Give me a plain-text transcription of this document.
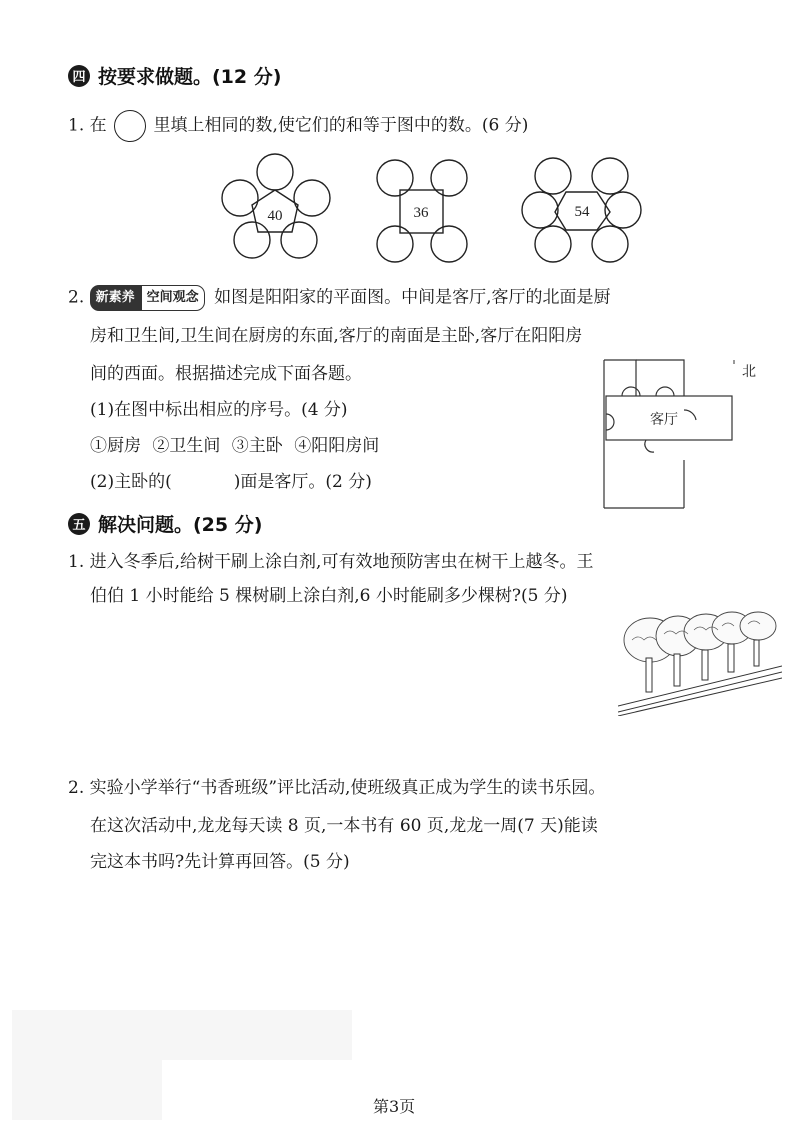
四 按要求做题。(12 分)
1. 在	里填上相同的数,使它们的和等于图中的数。(6 分)
40	36	54
2. 新素养 空间观念 如图是阳阳家的平面图。中间是客厅,客厅的北面是厨
房和卫生间,卫生间在厨房的东面,客厅的南面是主卧,客厅在阳阳房
间的西面。根据描述完成下面各题。
(1)在图中标出相应的序号。(4 分)
①厨房 ②卫生间 ③主卧 ④阳阳房间
(2)主卧的(	)面是客厅。(2 分)
客厅
北
五 解决问题。(25 分)
1. 进入冬季后,给树干刷上涂白剂,可有效地预防害虫在树干上越冬。王
伯伯 1 小时能给 5 棵树刷上涂白剂,6 小时能刷多少棵树?(5 分)
2. 实验小学举行“书香班级”评比活动,使班级真正成为学生的读书乐园。
在这次活动中,龙龙每天读 8 页,一本书有 60 页,龙龙一周(7 天)能读
完这本书吗?先计算再回答。(5 分)
第3页
